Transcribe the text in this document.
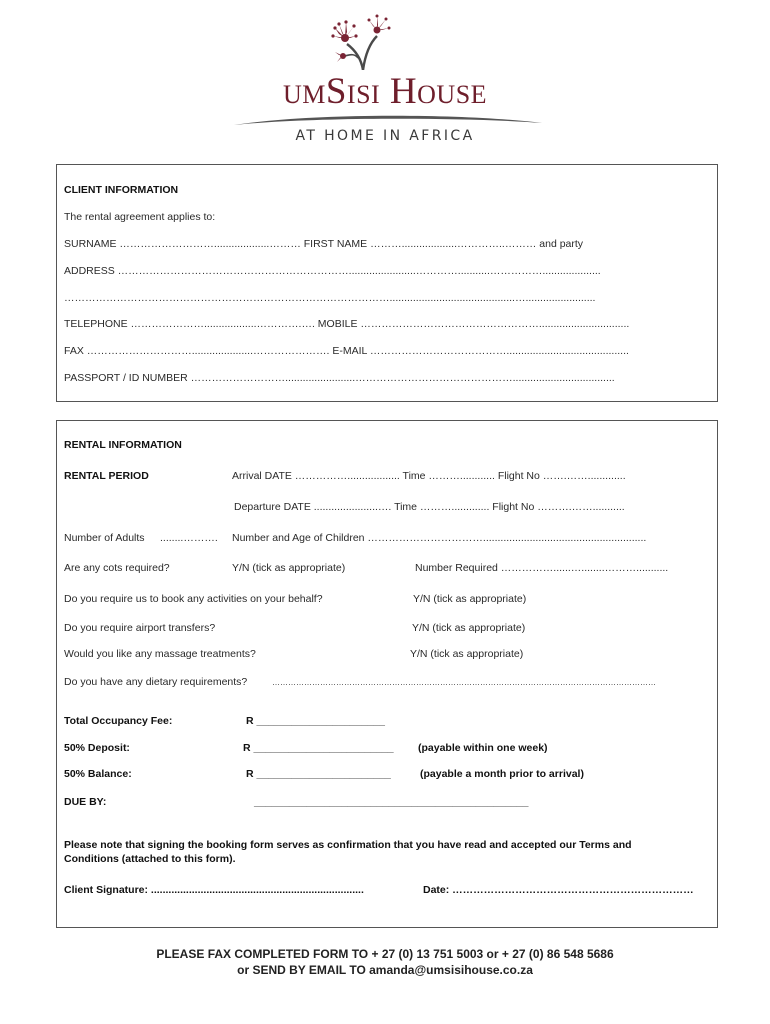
umSisi House
AT HOME IN AFRICA
CLIENT INFORMATION
The rental agreement applies to:
SURNAME ………………………...................……… FIRST NAME ………...................…………..……… and party
ADDRESS ………………………………………………………….......................…………...........……………....................
…………………………………………………………………………………...........................................…........................
TELEPHONE …………………..................………….…. MOBILE ……………………………………………...............................
FAX ………………………….....................…………………. E-MAIL …………………………………..........................................
PASSPORT / ID NUMBER ………………………........................………………………………………...................................
RENTAL INFORMATION
RENTAL PERIOD	Arrival DATE …………….................. Time ………............ Flight No …….…….............
Departure DATE ......................…. Time ………............. Flight No ……….……...........
Number of Adults ........………. Number and Age of Children ……………………………........................................................
Are any cots required?	Y/N (tick as appropriate)	Number Required ……………......…........………...........
Do you require us to book any activities on your behalf?	Y/N (tick as appropriate)
Do you require airport transfers?	Y/N (tick as appropriate)
Would you like any massage treatments?	Y/N (tick as appropriate)
Do you have any dietary requirements?	………………………………………………………………………………………………………………………………
Total Occupancy Fee:	R ______________________
50% Deposit:	R ________________________ (payable within one week)
50% Balance:	R _______________________	(payable a month prior to arrival)
DUE BY:	_______________________________________________
Please note that signing the booking form serves as confirmation that you have read and accepted our Terms and
Conditions (attached to this form).
Client Signature: .........................................................................	Date: ……………………………………………………………
PLEASE FAX COMPLETED FORM TO + 27 (0) 13 751 5003 or + 27 (0) 86 548 5686
or SEND BY EMAIL TO amanda@umsisihouse.co.za
